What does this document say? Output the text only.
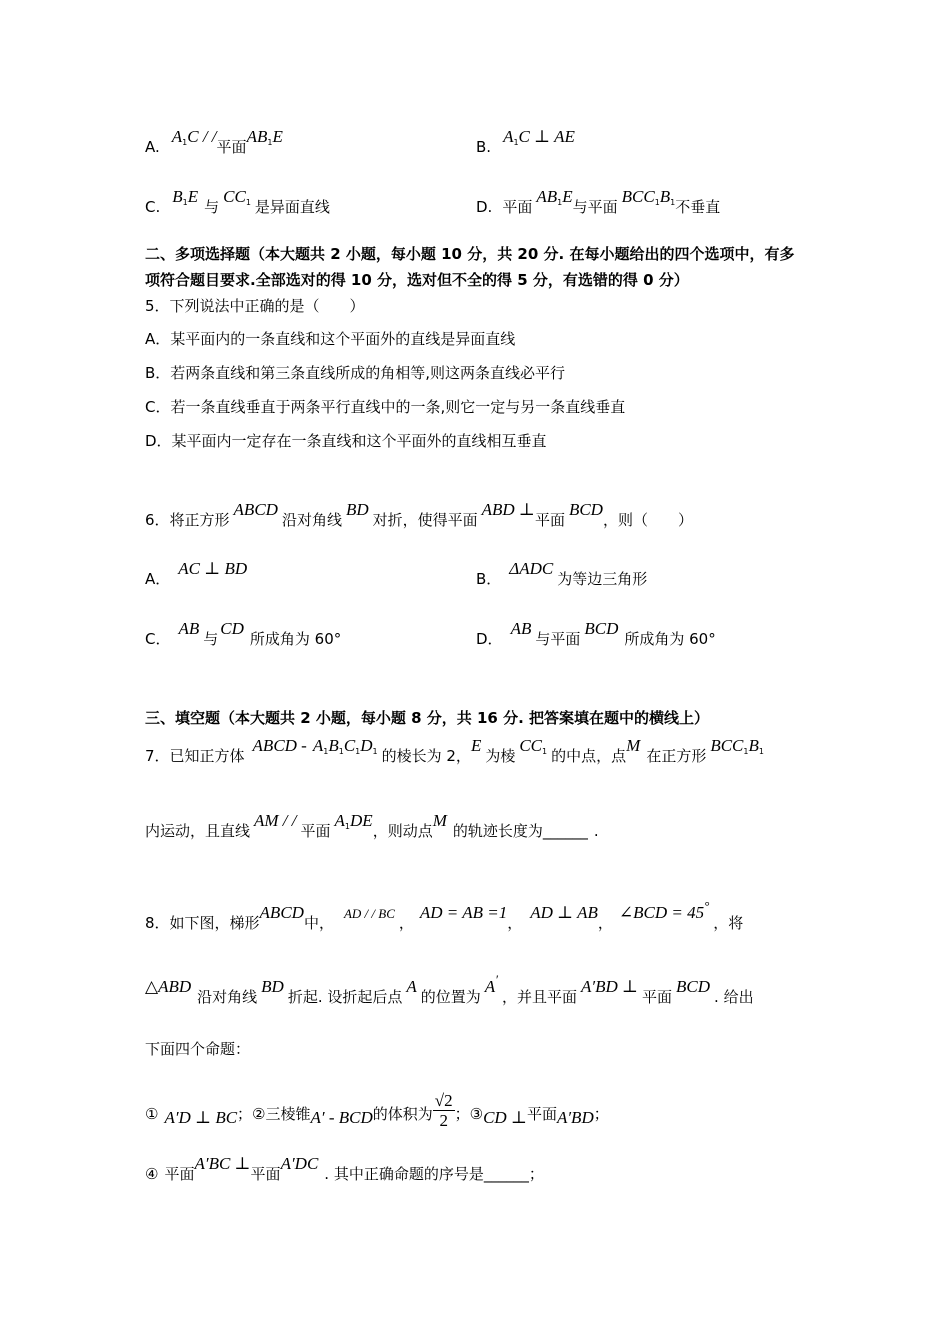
$A.A_1C$ / /平面$AB_1E$
$B.A_1C$ ⊥ AE
$C.B_1E$与$CC_1$ 是异面直线	D. 平面$AB_1E$与平面$BCC_1B_1$不垂直
二、多项选择题（本大题共 2 小题，每小题 10 分，共 20 分. 在每小题给出的四个选项中，有多
项符合题目要求.全部选对的得 10 分，选对但不全的得 5 分，有选错的得 0 分）
5．下列说法中正确的是（　　）
A．某平面内的一条直线和这个平面外的直线是异面直线
B．若两条直线和第三条直线所成的角相等,则这两条直线必平行
C．若一条直线垂直于两条平行直线中的一条,则它一定与另一条直线垂直
D．某平面内一定存在一条直线和这个平面外的直线相互垂直
6．将正方形ABCD沿对角线BD对折，使得平面ABD ⊥平面BCD，则（　　）
A．AC ⊥ BD
B．ΔADC为等边三角形
C．AB与CD所成角为 60°	D．AB与平面BCD所成角为 60°
三、填空题（本大题共 2 小题，每小题 8 分，共 16 分. 把答案填在题中的横线上）
7．已知正方体ABCD - $A_1B_1C_1D_1$ 的棱长为 2，E为棱$CC_1$ 的中点，点M在正方形$BCC_1B_1$
内运动，且直线AM / /平面$A_1DE$，则动点M的轨迹长度为______ .
8．如下图，梯形ABCD中，AD / / BC，AD = AB =1，AD ⊥ AB，∠BCD = 45°，将
△ABD沿对角线BD折起. 设折起后点A的位置为A′，并且平面A′BD ⊥平面BCD. 给出
下面四个命题：
① A′D ⊥ BC；②三棱锥A′ - BCD的体积为 $\frac{√2}{2}$ ；③CD ⊥平面A′BD；
④ 平面A′BC ⊥平面A′DC. 其中正确命题的序号是______；
